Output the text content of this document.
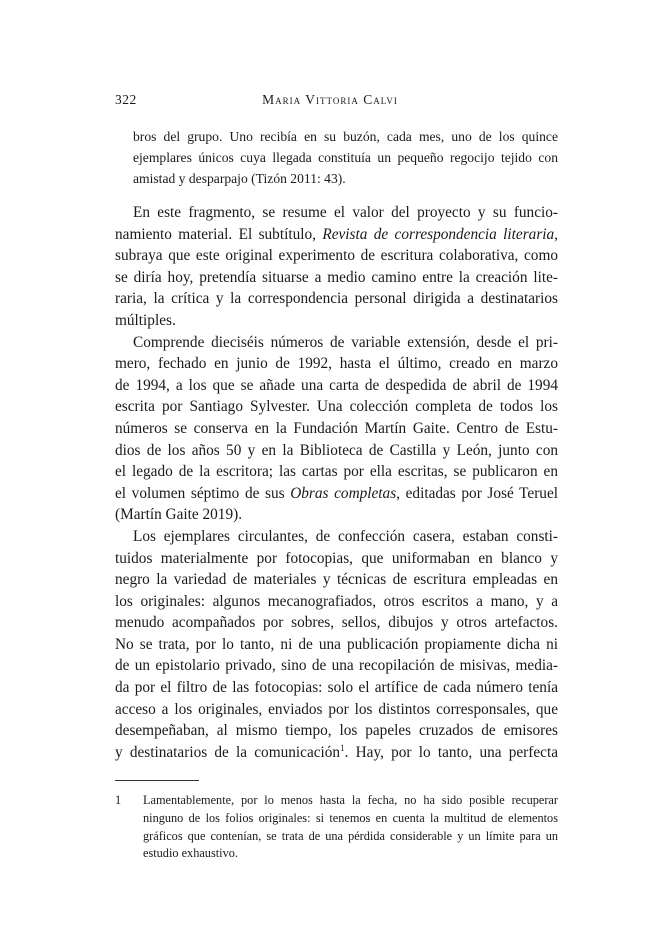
322	Maria Vittoria Calvi
bros del grupo. Uno recibía en su buzón, cada mes, uno de los quince
ejemplares únicos cuya llegada constituía un pequeño regocijo tejido con
amistad y desparpajo (Tizón 2011: 43).
En este fragmento, se resume el valor del proyecto y su funcio-
namiento material. El subtítulo, Revista de correspondencia literaria,
subraya que este original experimento de escritura colaborativa, como
se diría hoy, pretendía situarse a medio camino entre la creación lite-
raria, la crítica y la correspondencia personal dirigida a destinatarios
múltiples.
Comprende dieciséis números de variable extensión, desde el pri-
mero, fechado en junio de 1992, hasta el último, creado en marzo
de 1994, a los que se añade una carta de despedida de abril de 1994
escrita por Santiago Sylvester. Una colección completa de todos los
números se conserva en la Fundación Martín Gaite. Centro de Estu-
dios de los años 50 y en la Biblioteca de Castilla y León, junto con
el legado de la escritora; las cartas por ella escritas, se publicaron en
el volumen séptimo de sus Obras completas, editadas por José Teruel
(Martín Gaite 2019).
Los ejemplares circulantes, de confección casera, estaban consti-
tuidos materialmente por fotocopias, que uniformaban en blanco y
negro la variedad de materiales y técnicas de escritura empleadas en
los originales: algunos mecanografiados, otros escritos a mano, y a
menudo acompañados por sobres, sellos, dibujos y otros artefactos.
No se trata, por lo tanto, ni de una publicación propiamente dicha ni
de un epistolario privado, sino de una recopilación de misivas, media-
da por el filtro de las fotocopias: solo el artífice de cada número tenía
acceso a los originales, enviados por los distintos corresponsales, que
desempeñaban, al mismo tiempo, los papeles cruzados de emisores
y destinatarios de la comunicación$^1$. Hay, por lo tanto, una perfecta
1 Lamentablemente, por lo menos hasta la fecha, no ha sido posible recuperar
ninguno de los folios originales: si tenemos en cuenta la multitud de elementos
gráficos que contenían, se trata de una pérdida considerable y un límite para un
estudio exhaustivo.
